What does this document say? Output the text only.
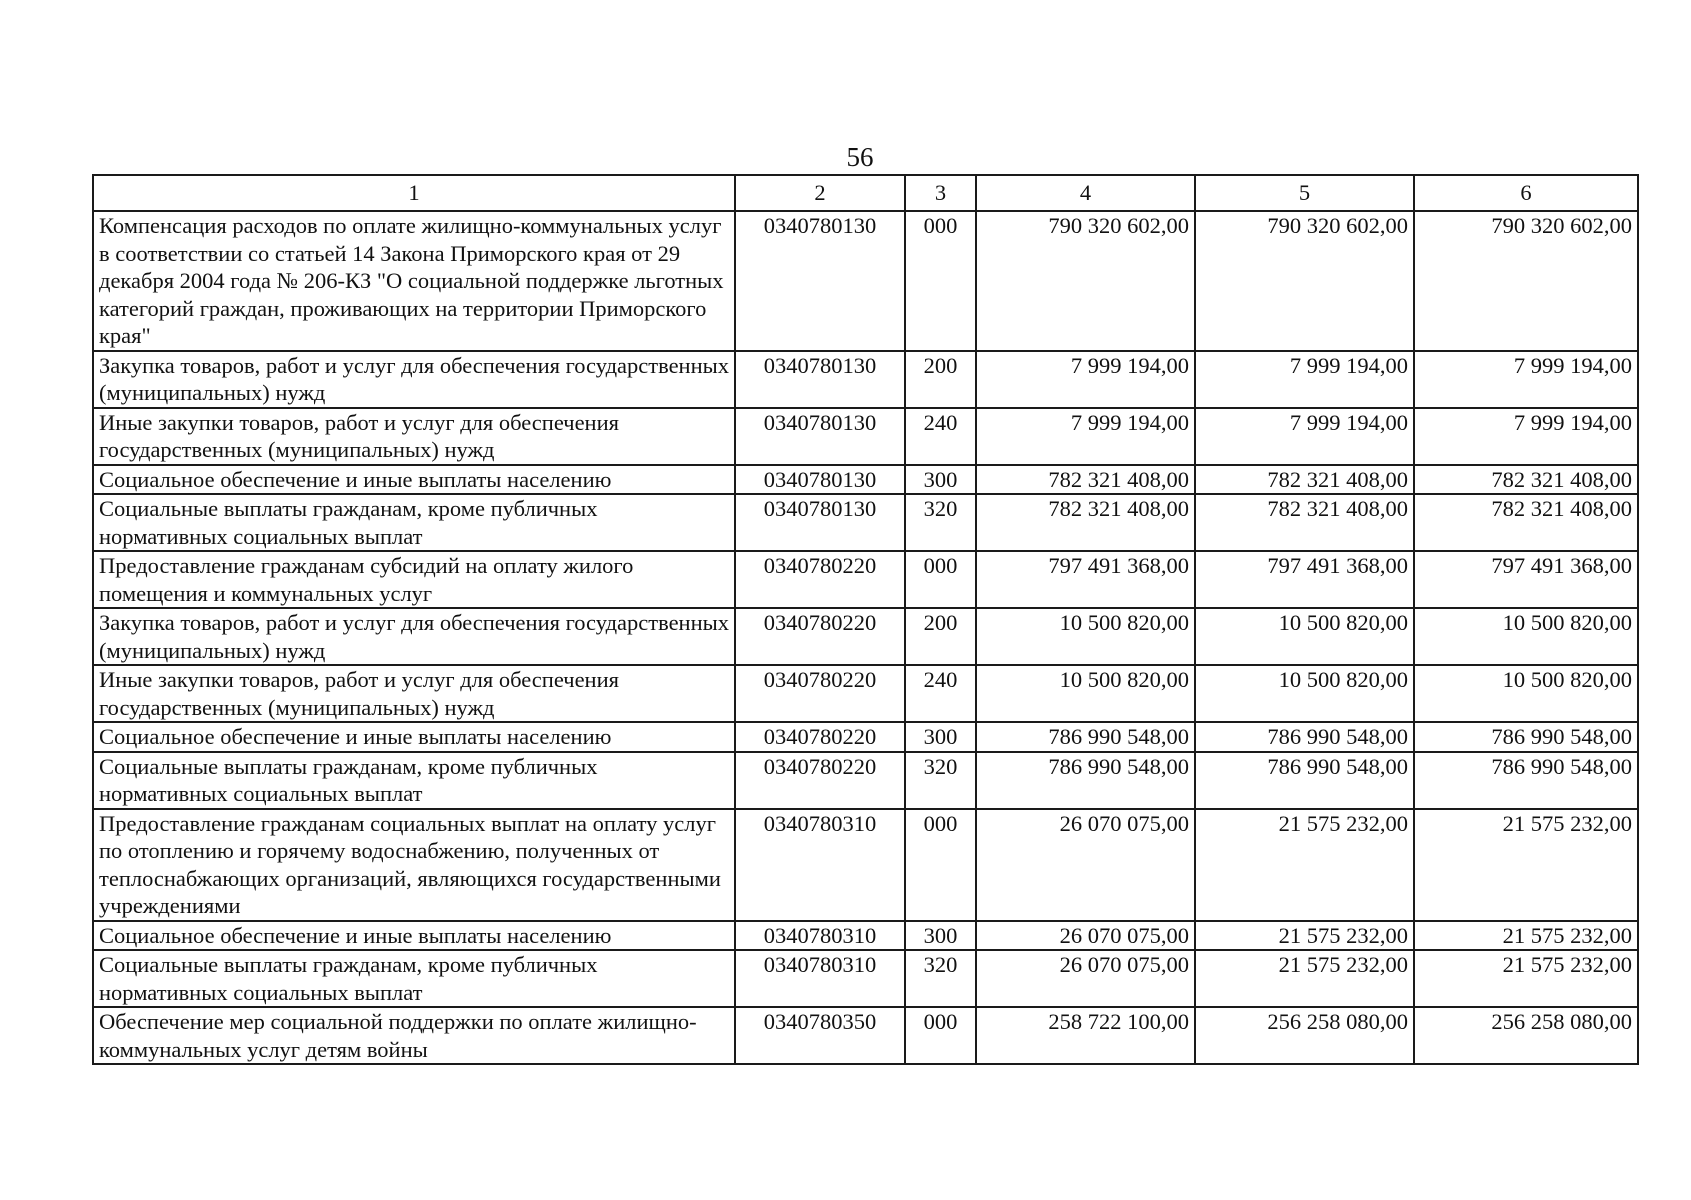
56
1	2	3	4	5	6
Компенсация расходов по оплате жилищно-коммунальных услуг в соответствии со статьей 14 Закона Приморского края от 29 декабря 2004 года № 206-КЗ "О социальной поддержке льготных категорий граждан, проживающих на территории Приморского края"	0340780130	000	790 320 602,00	790 320 602,00	790 320 602,00
Закупка товаров, работ и услуг для обеспечения государственных (муниципальных) нужд	0340780130	200	7 999 194,00	7 999 194,00	7 999 194,00
Иные закупки товаров, работ и услуг для обеспечения государственных (муниципальных) нужд	0340780130	240	7 999 194,00	7 999 194,00	7 999 194,00
Социальное обеспечение и иные выплаты населению	0340780130	300	782 321 408,00	782 321 408,00	782 321 408,00
Социальные выплаты гражданам, кроме публичных нормативных социальных выплат	0340780130	320	782 321 408,00	782 321 408,00	782 321 408,00
Предоставление гражданам субсидий на оплату жилого помещения и коммунальных услуг	0340780220	000	797 491 368,00	797 491 368,00	797 491 368,00
Закупка товаров, работ и услуг для обеспечения государственных (муниципальных) нужд	0340780220	200	10 500 820,00	10 500 820,00	10 500 820,00
Иные закупки товаров, работ и услуг для обеспечения государственных (муниципальных) нужд	0340780220	240	10 500 820,00	10 500 820,00	10 500 820,00
Социальное обеспечение и иные выплаты населению	0340780220	300	786 990 548,00	786 990 548,00	786 990 548,00
Социальные выплаты гражданам, кроме публичных нормативных социальных выплат	0340780220	320	786 990 548,00	786 990 548,00	786 990 548,00
Предоставление гражданам социальных выплат на оплату услуг по отоплению и горячему водоснабжению, полученных от теплоснабжающих организаций, являющихся государственными учреждениями	0340780310	000	26 070 075,00	21 575 232,00	21 575 232,00
Социальное обеспечение и иные выплаты населению	0340780310	300	26 070 075,00	21 575 232,00	21 575 232,00
Социальные выплаты гражданам, кроме публичных нормативных социальных выплат	0340780310	320	26 070 075,00	21 575 232,00	21 575 232,00
Обеспечение мер социальной поддержки по оплате жилищно-коммунальных услуг детям войны	0340780350	000	258 722 100,00	256 258 080,00	256 258 080,00
